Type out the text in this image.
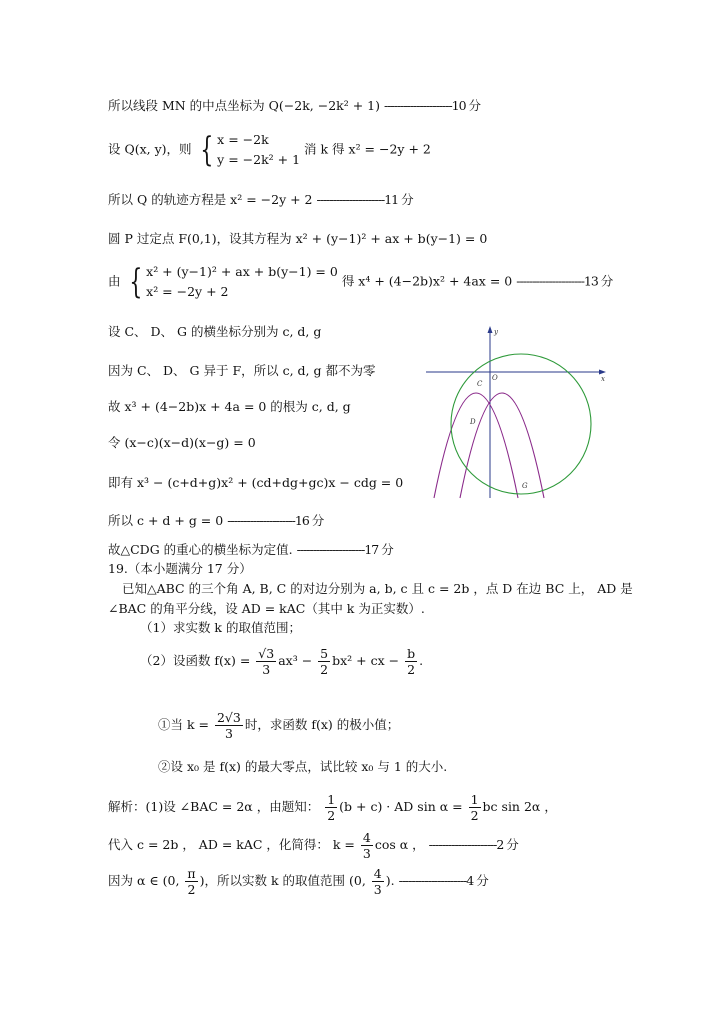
所以线段 MN 的中点坐标为 Q(−2k, −2k² + 1) ---------------------10 分
设 Q(x, y)，则 { x = −2k
y = −2k² + 1 消 k 得 x² = −2y + 2
所以 Q 的轨迹方程是 x² = −2y + 2 ---------------------11 分
圆 P 过定点 F(0,1)，设其方程为 x² + (y−1)² + ax + b(y−1) = 0
由 { x² + (y−1)² + ax + b(y−1) = 0
x² = −2y + 2 得 x⁴ + (4−2b)x² + 4ax = 0 ---------------------13 分
设 C、 D、 G 的横坐标分别为 c, d, g
因为 C、 D、 G 异于 F，所以 c, d, g 都不为零
故 x³ + (4−2b)x + 4a = 0 的根为 c, d, g
令 (x−c)(x−d)(x−g) = 0
即有 x³ − (c+d+g)x² + (cd+dg+gc)x − cdg = 0
所以 c + d + g = 0 ---------------------16 分
故△CDG 的重心的横坐标为定值. ---------------------17 分
19.（本小题满分 17 分）
已知△ABC 的三个角 A, B, C 的对边分别为 a, b, c 且 c = 2b ，点 D 在边 BC 上， AD 是
∠BAC 的角平分线，设 AD = kAC（其中 k 为正实数）.
（1）求实数 k 的取值范围；
（2）设函数 $f(x) = \frac{√3}{3} ax^3 - \frac{5}{2} bx^2$ + cx − $\frac{b}{2}$ .
①当 $k = \frac{2√3}{3}$ 时，求函数 f(x) 的极小值；
②设 x₀ 是 f(x) 的最大零点，试比较 x₀ 与 1 的大小.
解析：(1)设 ∠BAC = 2α ，由题知： $\frac{1}{2} (b + c)$ · AD $\sin \alpha = \frac{1}{2}$ bc sin 2α ，
代入 c = 2b ， AD = kAC ，化简得： $k = \frac{4}{3}$ cos α ， ---------------------2 分
因为 α ∈ (0, $\frac{\pi}{2}$ )，所以实数 k 的取值范围 (0, $\frac{4}{3}$ ). ---------------------4 分
y
x
O
C
D
G
